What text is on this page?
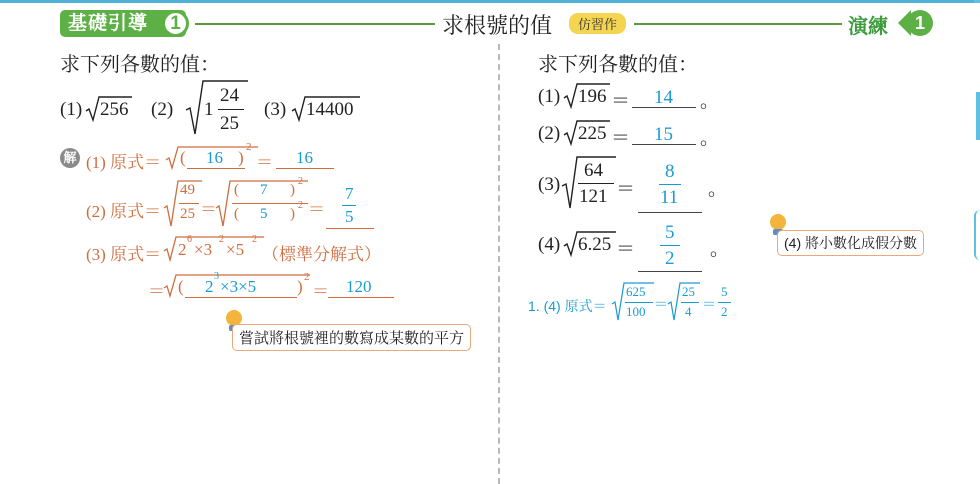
基礎引導	1	求根號的值	仿習作	演練	1
求下列各數的值：
(1) 256 (2) 1
24
25
(3) 14400
解 (1) 原式＝ ( 16 )
2
＝ 16
(2) 原式＝
49
25 ＝
( 7 )
2
( 5 )
2 ＝
7
5
(3) 原式＝ 2
6
×3
2
×5
2
（標準分解式）
＝ ( 2
3
×3×5 ) 2
＝ 120
嘗試將根號裡的數寫成某數的平方
求下列各數的值：
(1) 196 ＝ 14 。
(2) 225 ＝ 15 。
(3)
64
121 ＝
8
11 。
(4) 6.25 ＝
5
2 。	(4) 將小數化成假分數
1. (4) 原式＝
625
100 ＝
25
4 ＝
5
2
